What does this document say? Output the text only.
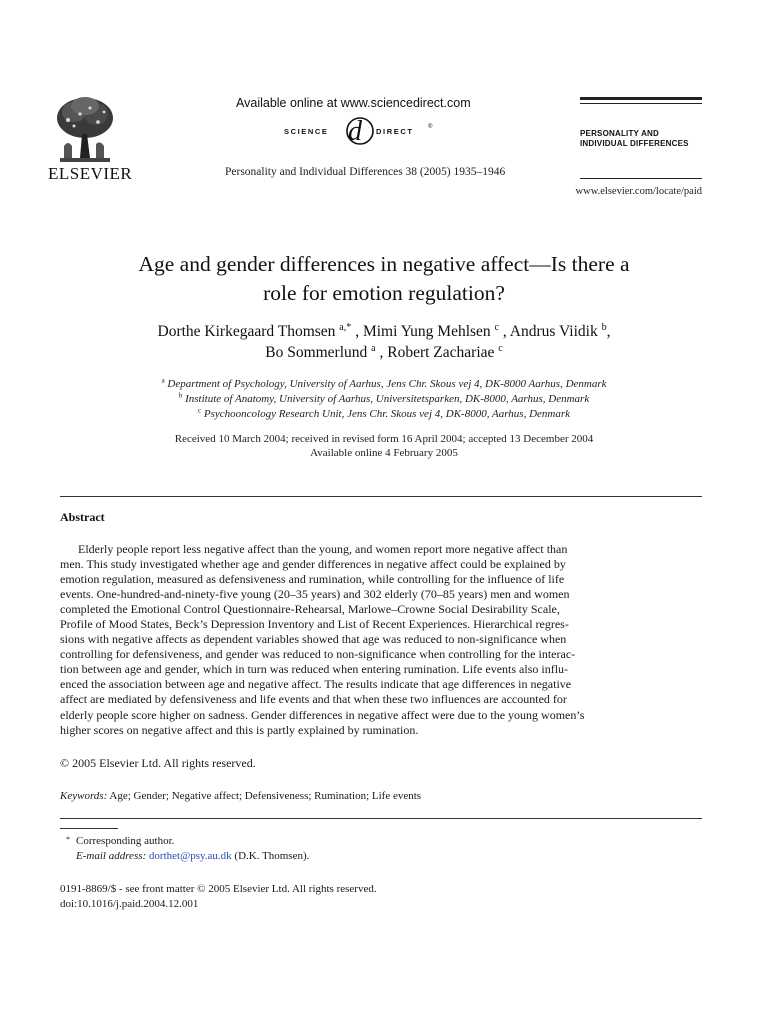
ELSEVIER
Available online at www.sciencedirect.com
SCIENCE d DIRECT ®
Personality and Individual Differences 38 (2005) 1935–1946
PERSONALITY AND
INDIVIDUAL DIFFERENCES
www.elsevier.com/locate/paid
Age and gender differences in negative affect—Is there a
role for emotion regulation?
Dorthe Kirkegaard Thomsen $^{a,*}$ , Mimi Yung Mehlsen $^c$ , Andrus Viidik $^b$,
Bo Sommerlund $^a$ , Robert Zachariae $^c$
$^a$ Department of Psychology, University of Aarhus, Jens Chr. Skous vej 4, DK-8000 Aarhus, Denmark
$^b$ Institute of Anatomy, University of Aarhus, Universitetsparken, DK-8000, Aarhus, Denmark
$^c$ Psychooncology Research Unit, Jens Chr. Skous vej 4, DK-8000, Aarhus, Denmark
Received 10 March 2004; received in revised form 16 April 2004; accepted 13 December 2004
Available online 4 February 2005
Abstract
Elderly people report less negative affect than the young, and women report more negative affect than
men. This study investigated whether age and gender differences in negative affect could be explained by
emotion regulation, measured as defensiveness and rumination, while controlling for the influence of life
events. One-hundred-and-ninety-five young (20–35 years) and 302 elderly (70–85 years) men and women
completed the Emotional Control Questionnaire-Rehearsal, Marlowe–Crowne Social Desirability Scale,
Profile of Mood States, Beck’s Depression Inventory and List of Recent Experiences. Hierarchical regres-
sions with negative affects as dependent variables showed that age was reduced to non-significance when
controlling for defensiveness, and gender was reduced to non-significance when controlling for the interac-
tion between age and gender, which in turn was reduced when entering rumination. Life events also influ-
enced the association between age and negative affect. The results indicate that age differences in negative
affect are mediated by defensiveness and life events and that when these two influences are accounted for
elderly people score higher on sadness. Gender differences in negative affect were due to the young women’s
higher scores on negative affect and this is partly explained by rumination.
© 2005 Elsevier Ltd. All rights reserved.
Keywords: Age; Gender; Negative affect; Defensiveness; Rumination; Life events
* Corresponding author.
E-mail address: dorthet@psy.au.dk (D.K. Thomsen).
0191-8869/$ - see front matter © 2005 Elsevier Ltd. All rights reserved.
doi:10.1016/j.paid.2004.12.001
